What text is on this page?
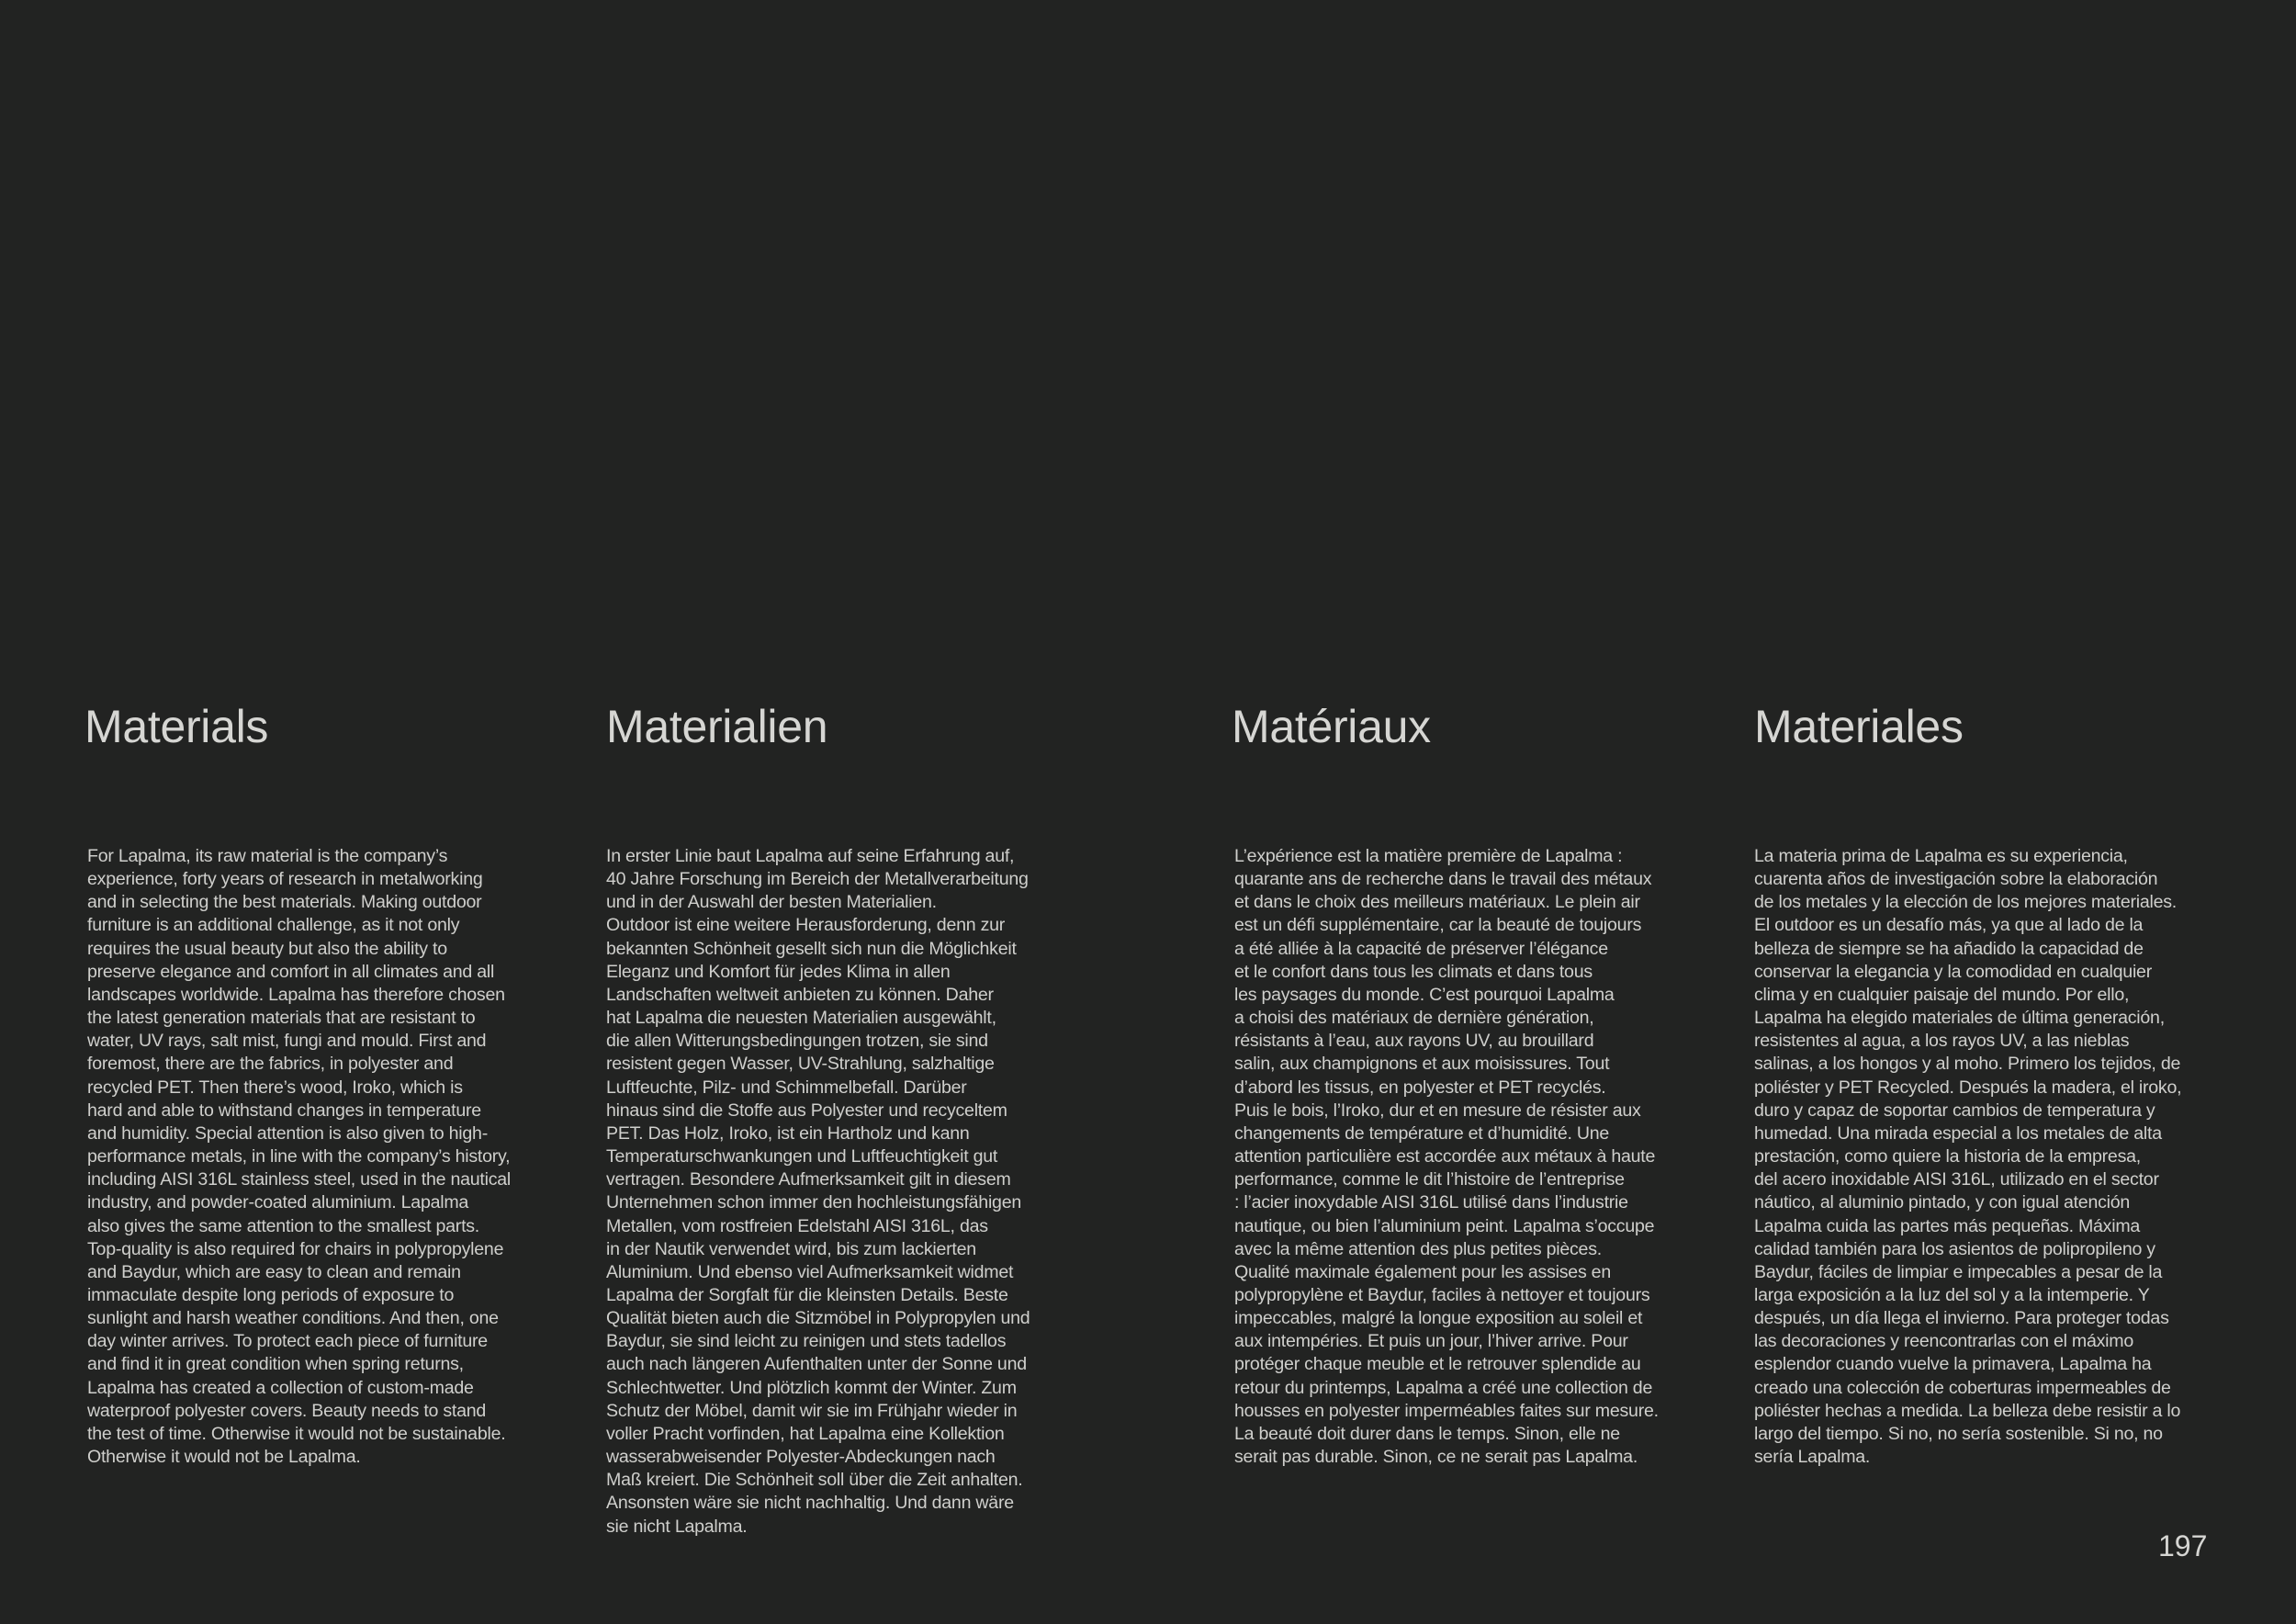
Materials
For Lapalma, its raw material is the company’s
experience, forty years of research in metalworking
and in selecting the best materials. Making outdoor
furniture is an additional challenge, as it not only
requires the usual beauty but also the ability to
preserve elegance and comfort in all climates and all
landscapes worldwide. Lapalma has therefore chosen
the latest generation materials that are resistant to
water, UV rays, salt mist, fungi and mould. First and
foremost, there are the fabrics, in polyester and
recycled PET. Then there’s wood, Iroko, which is
hard and able to withstand changes in temperature
and humidity. Special attention is also given to high-
performance metals, in line with the company’s history,
including AISI 316L stainless steel, used in the nautical
industry, and powder-coated aluminium. Lapalma
also gives the same attention to the smallest parts.
Top-quality is also required for chairs in polypropylene
and Baydur, which are easy to clean and remain
immaculate despite long periods of exposure to
sunlight and harsh weather conditions. And then, one
day winter arrives. To protect each piece of furniture
and find it in great condition when spring returns,
Lapalma has created a collection of custom-made
waterproof polyester covers. Beauty needs to stand
the test of time. Otherwise it would not be sustainable.
Otherwise it would not be Lapalma.
Materialien
In erster Linie baut Lapalma auf seine Erfahrung auf,
40 Jahre Forschung im Bereich der Metallverarbeitung
und in der Auswahl der besten Materialien.
Outdoor ist eine weitere Herausforderung, denn zur
bekannten Schönheit gesellt sich nun die Möglichkeit
Eleganz und Komfort für jedes Klima in allen
Landschaften weltweit anbieten zu können. Daher
hat Lapalma die neuesten Materialien ausgewählt,
die allen Witterungsbedingungen trotzen, sie sind
resistent gegen Wasser, UV-Strahlung, salzhaltige
Luftfeuchte, Pilz- und Schimmelbefall. Darüber
hinaus sind die Stoffe aus Polyester und recyceltem
PET. Das Holz, Iroko, ist ein Hartholz und kann
Temperaturschwankungen und Luftfeuchtigkeit gut
vertragen. Besondere Aufmerksamkeit gilt in diesem
Unternehmen schon immer den hochleistungsfähigen
Metallen, vom rostfreien Edelstahl AISI 316L, das
in der Nautik verwendet wird, bis zum lackierten
Aluminium. Und ebenso viel Aufmerksamkeit widmet
Lapalma der Sorgfalt für die kleinsten Details. Beste
Qualität bieten auch die Sitzmöbel in Polypropylen und
Baydur, sie sind leicht zu reinigen und stets tadellos
auch nach längeren Aufenthalten unter der Sonne und
Schlechtwetter. Und plötzlich kommt der Winter. Zum
Schutz der Möbel, damit wir sie im Frühjahr wieder in
voller Pracht vorfinden, hat Lapalma eine Kollektion
wasserabweisender Polyester-Abdeckungen nach
Maß kreiert. Die Schönheit soll über die Zeit anhalten.
Ansonsten wäre sie nicht nachhaltig. Und dann wäre
sie nicht Lapalma.
Matériaux
L’expérience est la matière première de Lapalma :
quarante ans de recherche dans le travail des métaux
et dans le choix des meilleurs matériaux. Le plein air
est un défi supplémentaire, car la beauté de toujours
a été alliée à la capacité de préserver l’élégance
et le confort dans tous les climats et dans tous
les paysages du monde. C’est pourquoi Lapalma
a choisi des matériaux de dernière génération,
résistants à l’eau, aux rayons UV, au brouillard
salin, aux champignons et aux moisissures. Tout
d’abord les tissus, en polyester et PET recyclés.
Puis le bois, l’Iroko, dur et en mesure de résister aux
changements de température et d’humidité. Une
attention particulière est accordée aux métaux à haute
performance, comme le dit l’histoire de l’entreprise
: l’acier inoxydable AISI 316L utilisé dans l’industrie
nautique, ou bien l’aluminium peint. Lapalma s’occupe
avec la même attention des plus petites pièces.
Qualité maximale également pour les assises en
polypropylène et Baydur, faciles à nettoyer et toujours
impeccables, malgré la longue exposition au soleil et
aux intempéries. Et puis un jour, l’hiver arrive. Pour
protéger chaque meuble et le retrouver splendide au
retour du printemps, Lapalma a créé une collection de
housses en polyester imperméables faites sur mesure.
La beauté doit durer dans le temps. Sinon, elle ne
serait pas durable. Sinon, ce ne serait pas Lapalma.
Materiales
La materia prima de Lapalma es su experiencia,
cuarenta años de investigación sobre la elaboración
de los metales y la elección de los mejores materiales.
El outdoor es un desafío más, ya que al lado de la
belleza de siempre se ha añadido la capacidad de
conservar la elegancia y la comodidad en cualquier
clima y en cualquier paisaje del mundo. Por ello,
Lapalma ha elegido materiales de última generación,
resistentes al agua, a los rayos UV, a las nieblas
salinas, a los hongos y al moho. Primero los tejidos, de
poliéster y PET Recycled. Después la madera, el iroko,
duro y capaz de soportar cambios de temperatura y
humedad. Una mirada especial a los metales de alta
prestación, como quiere la historia de la empresa,
del acero inoxidable AISI 316L, utilizado en el sector
náutico, al aluminio pintado, y con igual atención
Lapalma cuida las partes más pequeñas. Máxima
calidad también para los asientos de polipropileno y
Baydur, fáciles de limpiar e impecables a pesar de la
larga exposición a la luz del sol y a la intemperie. Y
después, un día llega el invierno. Para proteger todas
las decoraciones y reencontrarlas con el máximo
esplendor cuando vuelve la primavera, Lapalma ha
creado una colección de coberturas impermeables de
poliéster hechas a medida. La belleza debe resistir a lo
largo del tiempo. Si no, no sería sostenible. Si no, no
sería Lapalma.
197
